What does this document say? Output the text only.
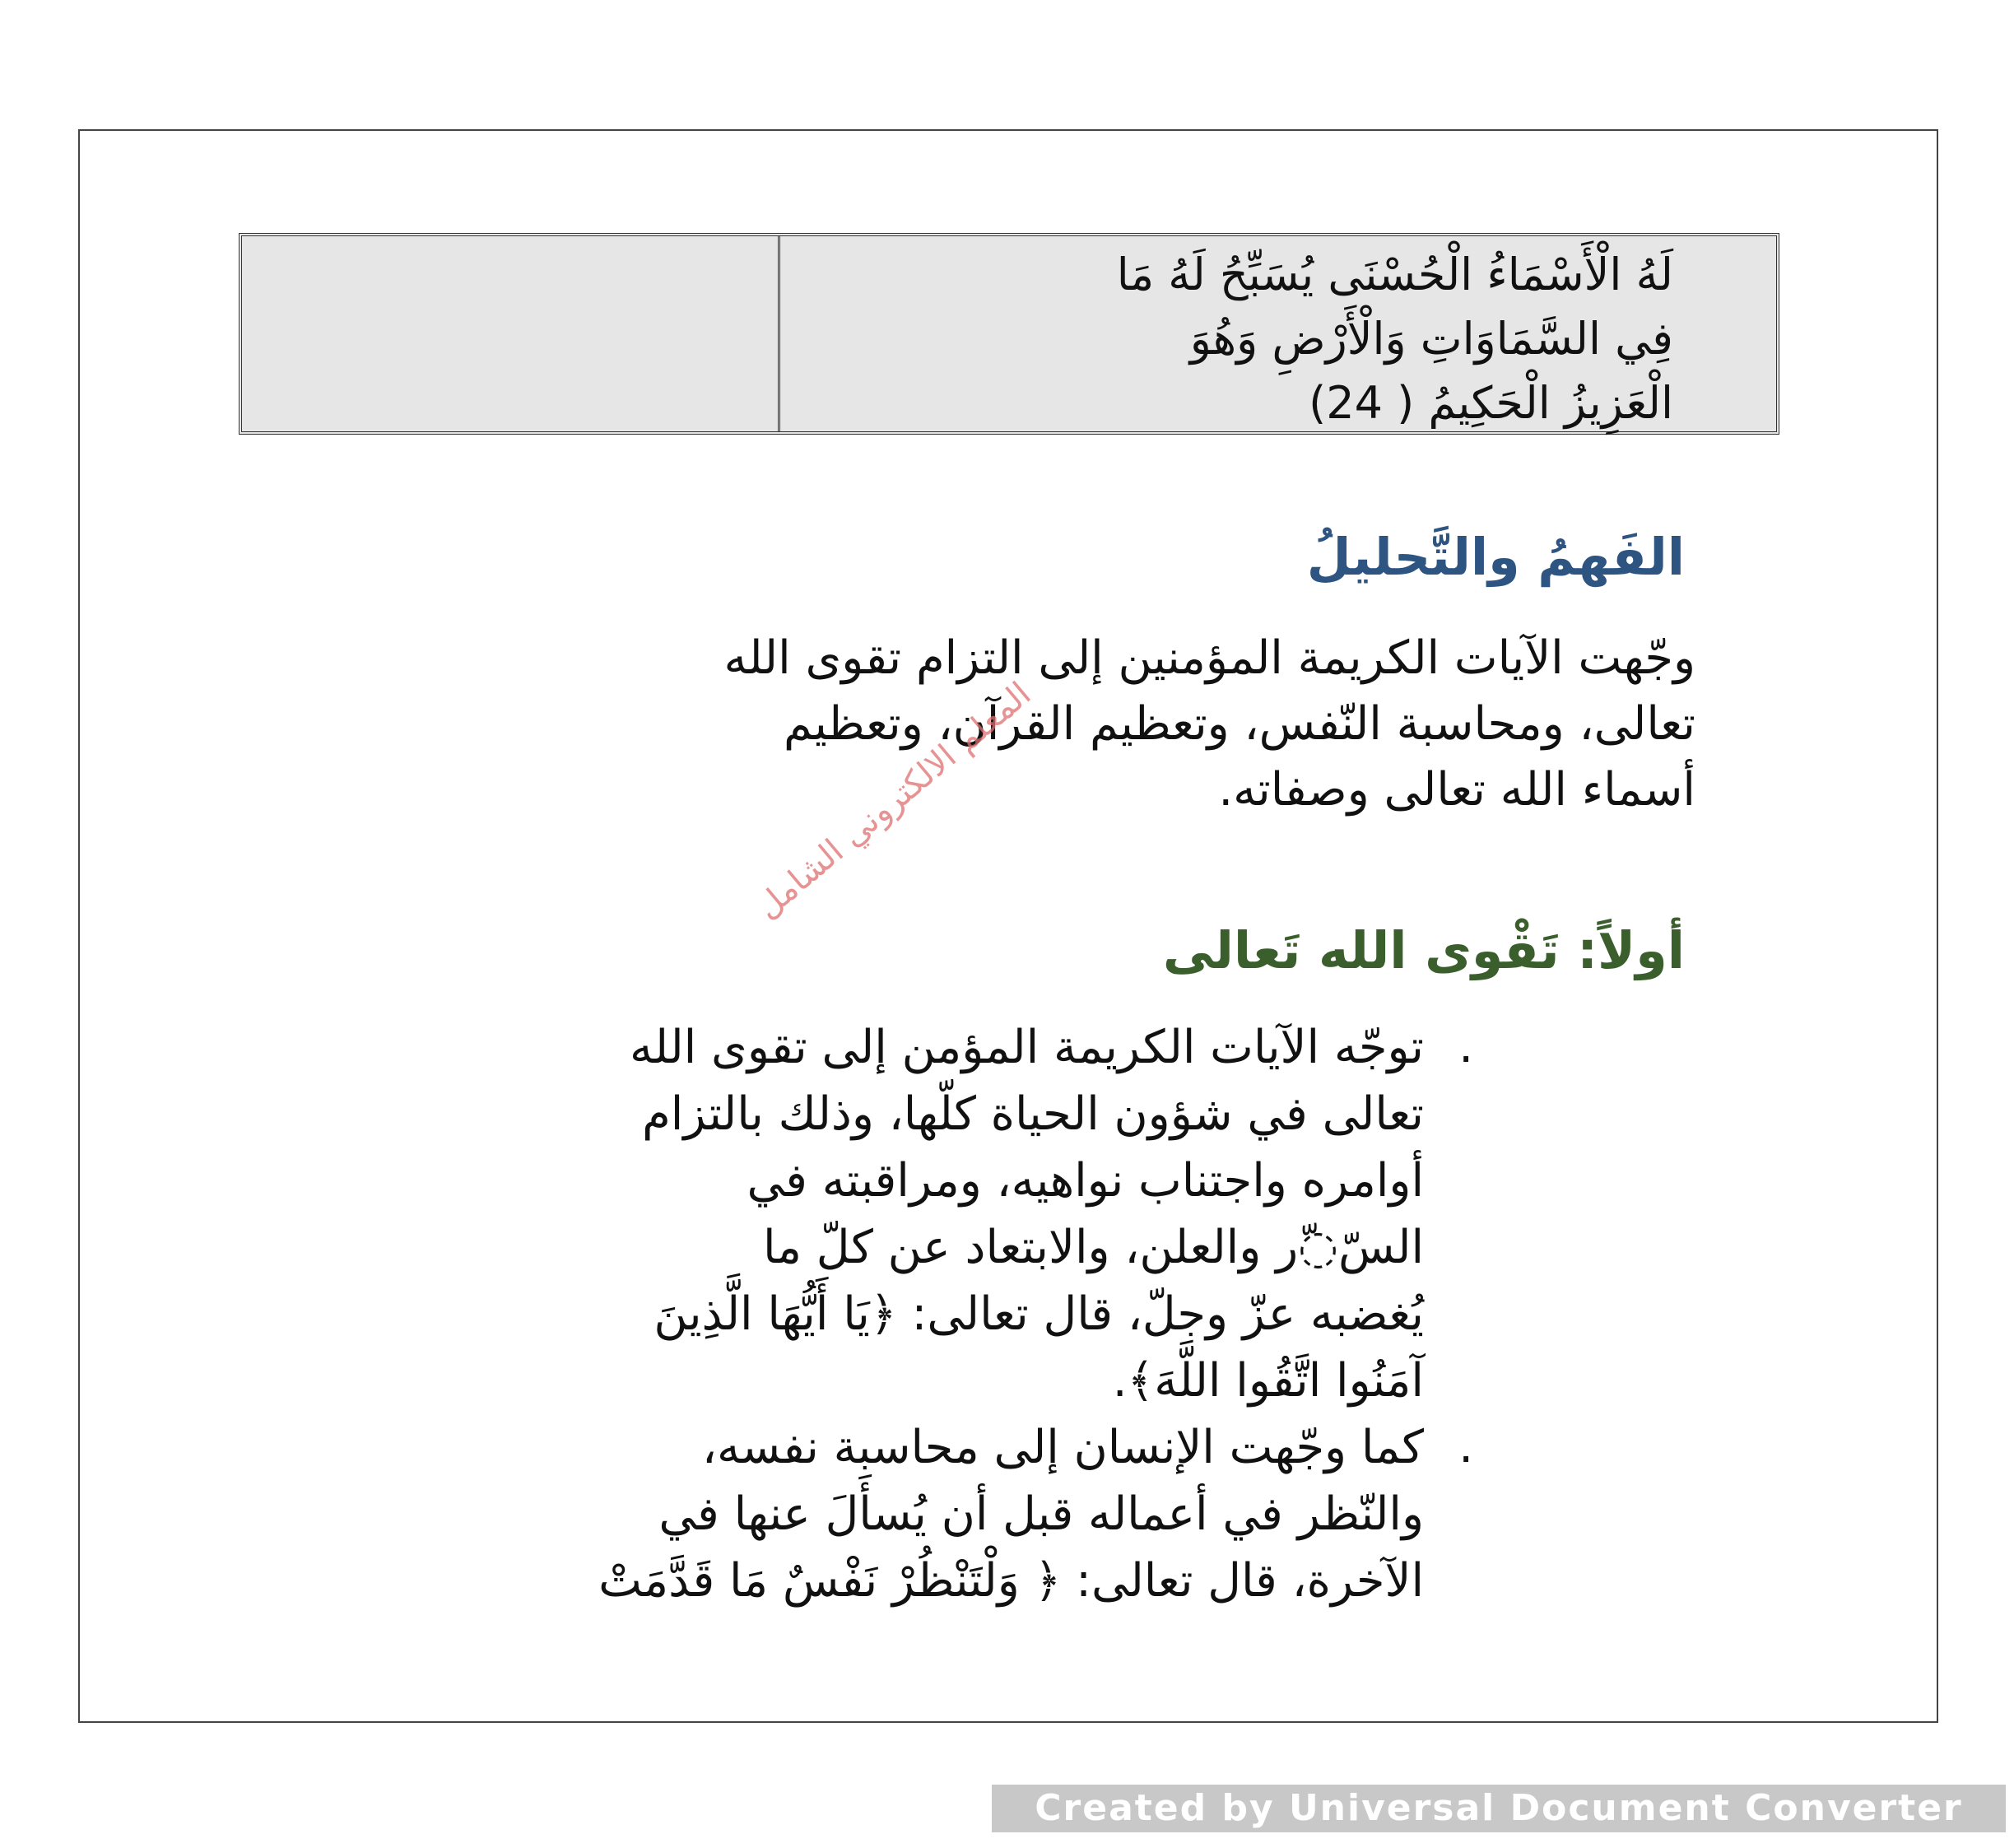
لَهُ الْأَسْمَاءُ الْحُسْنَى يُسَبِّحُ لَهُ مَا
فِي السَّمَاوَاتِ وَالْأَرْضِ وَهُوَ
الْعَزِيزُ الْحَكِيمُ ( 24)
الفَهمُ والتَّحليلُ
وجّهت الآيات الكريمة المؤمنين إلى التزام تقوى الله
تعالى، ومحاسبة النّفس، وتعظيم القرآن، وتعظيم
أسماء الله تعالى وصفاته.
المعلم الالكتروني الشامل
أولاً: تَقْوى الله تَعالى
.
توجّه الآيات الكريمة المؤمن إلى تقوى الله
تعالى في شؤون الحياة كلّها، وذلك بالتزام
أوامره واجتناب نواهيه، ومراقبته في
السّ◌ّر والعلن، والابتعاد عن كلّ ما
يُغضبه عزّ وجلّ، قال تعالى: ﴿يَا أَيُّهَا الَّذِينَ
آمَنُوا اتَّقُوا اللَّهَ﴾.
.
كما وجّهت الإنسان إلى محاسبة نفسه،
والنّظر في أعماله قبل أن يُسأَلَ عنها في
الآخرة، قال تعالى: ﴿ وَلْتَنْظُرْ نَفْسٌ مَا قَدَّمَتْ
Created by Universal Document Converter
